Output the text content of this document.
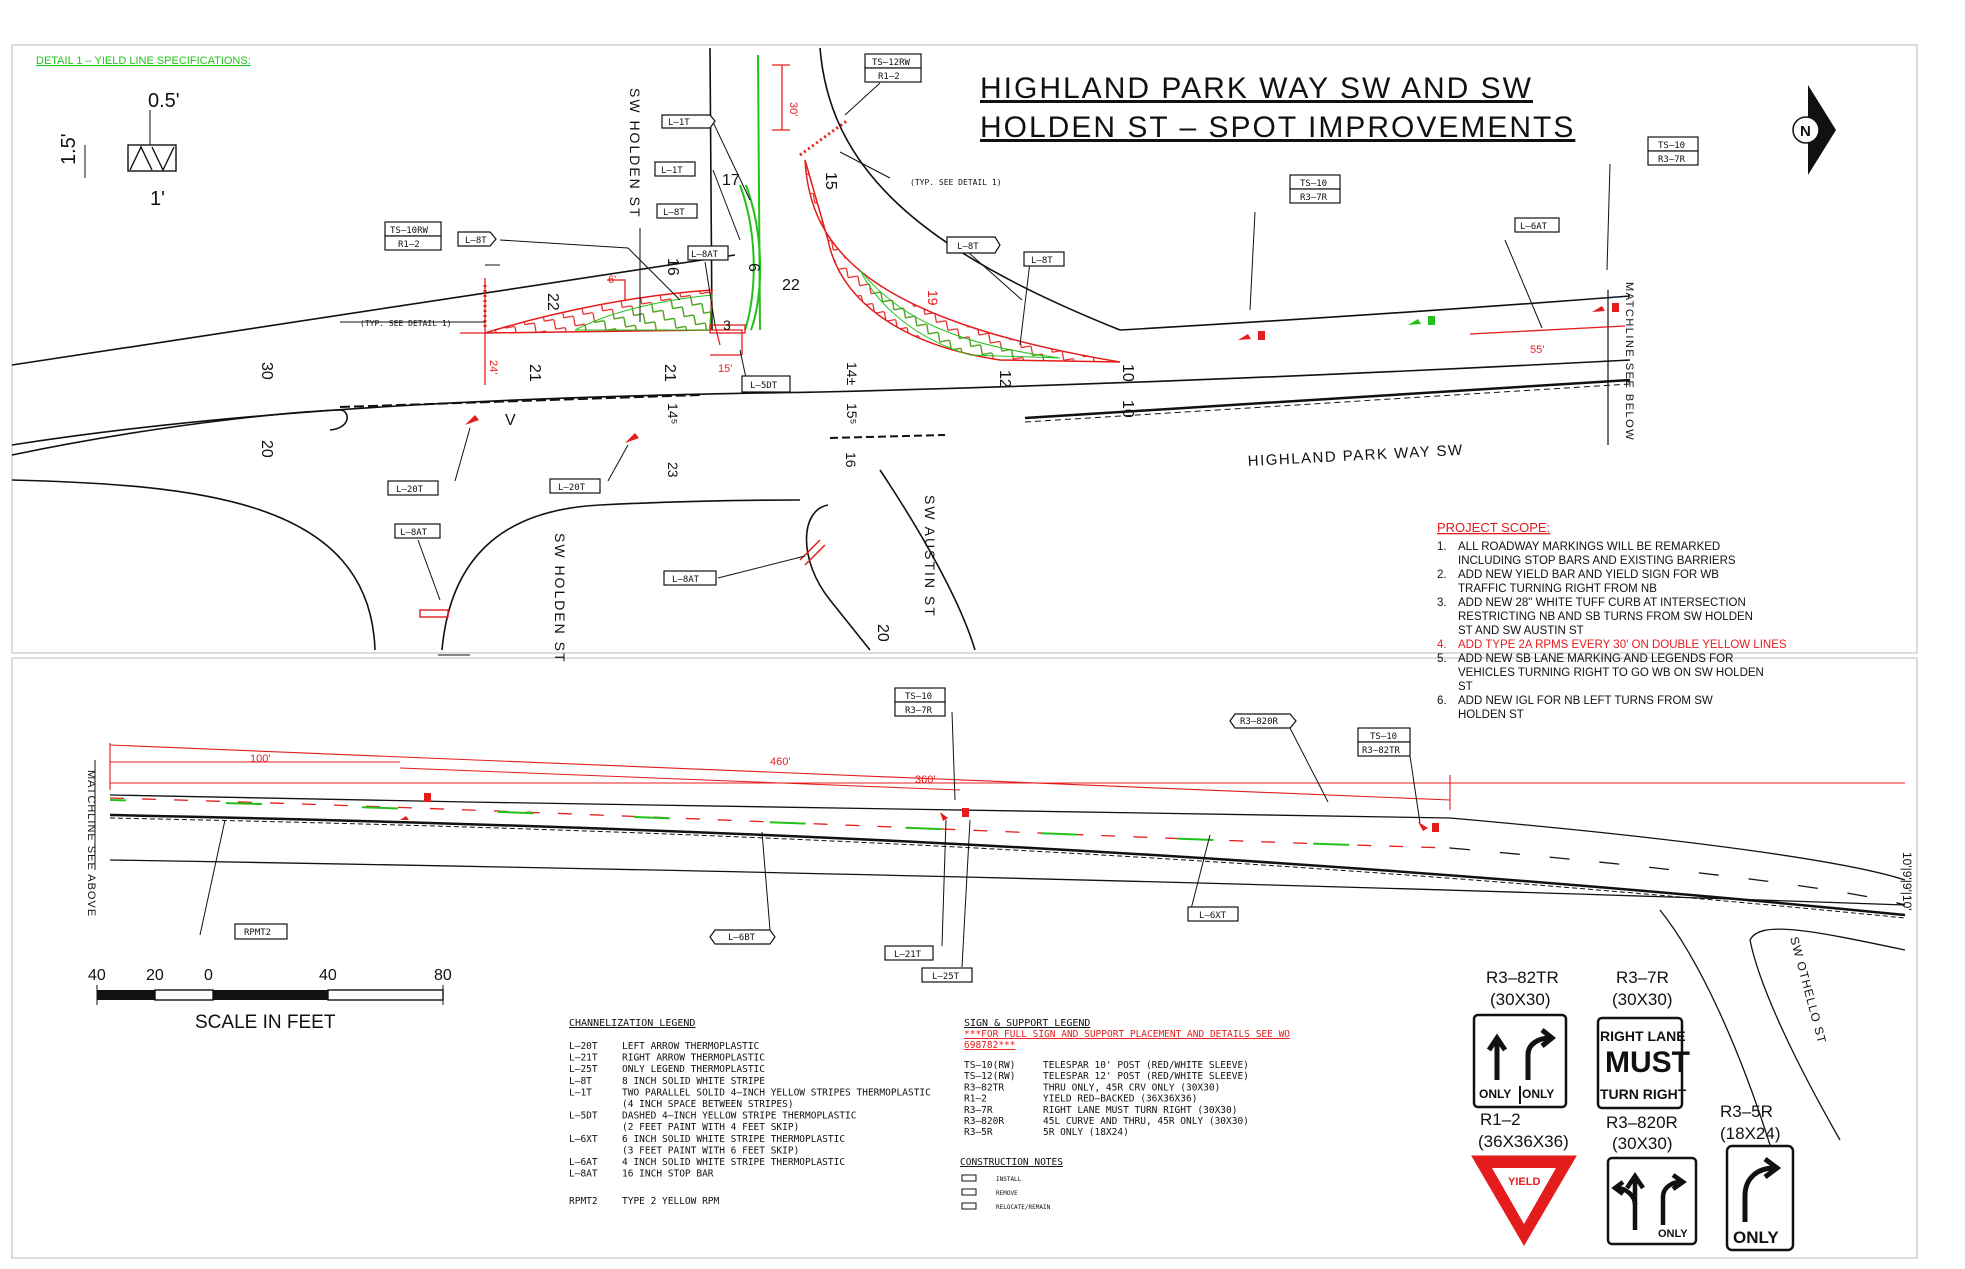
DETAIL 1 – YIELD LINE SPECIFICATIONS:
0.5'
1.5'
1'
HIGHLAND PARK WAY SW AND SW
HOLDEN ST – SPOT IMPROVEMENTS	N
TS–12RW
R1–2
TS–10RW
R1–2	L–8T
L–8T
L–8T
L–8T
L–1T
L–1T
L–8AT
L–8AT
L–8AT
L–5DT
L–20T	L–20T
L–6AT
TS–10
R3–7R
TS–10
R3–7R
(TYP. SEE DETAIL 1)
(TYP. SEE DETAIL 1)
SW HOLDEN ST
SW HOLDEN ST	SW AUSTIN ST
HIGHLAND PARK WAY SW
MATCHLINE SEE BELOW
30
20
22
21	21
16
17
6
3
22
15
19
12	10
10
14±
15⁵
16
14⁵
23
20
V
30'
6'
24'	15'
55'
PROJECT SCOPE:
1. ALL ROADWAY MARKINGS WILL BE REMARKED
INCLUDING STOP BARS AND EXISTING BARRIERS
2. ADD NEW YIELD BAR AND YIELD SIGN FOR WB
TRAFFIC TURNING RIGHT FROM NB
3. ADD NEW 28" WHITE TUFF CURB AT INTERSECTION
RESTRICTING NB AND SB TURNS FROM SW HOLDEN
ST AND SW AUSTIN ST
4. ADD TYPE 2A RPMS EVERY 30' ON DOUBLE YELLOW LINES
5. ADD NEW SB LANE MARKING AND LEGENDS FOR
VEHICLES TURNING RIGHT TO GO WB ON SW HOLDEN
ST
6. ADD NEW IGL FOR NB LEFT TURNS FROM SW
HOLDEN ST
100'	460'
360'
RPMT2	L–6BT
L–21T
L–25T
L–6XT
R3–820R
TS–10
R3–7R
TS–10
R3–82TR
MATCHLINE SEE ABOVE
SW OTHELLO ST
10'|9'|9'|10'
40	20	0	40	80
SCALE IN FEET	CHANNELIZATION LEGEND
L–20T	LEFT ARROW THERMOPLASTIC
L–21T	RIGHT ARROW THERMOPLASTIC
L–25T	ONLY LEGEND THERMOPLASTIC
L–8T	8 INCH SOLID WHITE STRIPE
L–1T	TWO PARALLEL SOLID 4–INCH YELLOW STRIPES THERMOPLASTIC
(4 INCH SPACE BETWEEN STRIPES)
L–5DT	DASHED 4–INCH YELLOW STRIPE THERMOPLASTIC
(2 FEET PAINT WITH 4 FEET SKIP)
L–6XT	6 INCH SOLID WHITE STRIPE THERMOPLASTIC
(3 FEET PAINT WITH 6 FEET SKIP)
L–6AT	4 INCH SOLID WHITE STRIPE THERMOPLASTIC
L–8AT	16 INCH STOP BAR
RPMT2	TYPE 2 YELLOW RPM
SIGN & SUPPORT LEGEND
***FOR FULL SIGN AND SUPPORT PLACEMENT AND DETAILS SEE WO
698782***
TS–10(RW)	TELESPAR 10' POST (RED/WHITE SLEEVE)
TS–12(RW)	TELESPAR 12' POST (RED/WHITE SLEEVE)
R3–82TR	THRU ONLY, 45R CRV ONLY (30X30)
R1–2	YIELD RED–BACKED (36X36X36)
R3–7R	RIGHT LANE MUST TURN RIGHT (30X30)
R3–820R	45L CURVE AND THRU, 45R ONLY (30X30)
R3–5R	5R ONLY (18X24)
CONSTRUCTION NOTES
INSTALL
REMOVE
RELOCATE/REMAIN
R3–82TR
(30X30)
ONLY ONLY
R3–7R
(30X30)
RIGHT LANE
MUST
TURN RIGHT
R1–2
(36X36X36)
YIELD
R3–820R
(30X30)
ONLY
R3–5R
(18X24)
ONLY
